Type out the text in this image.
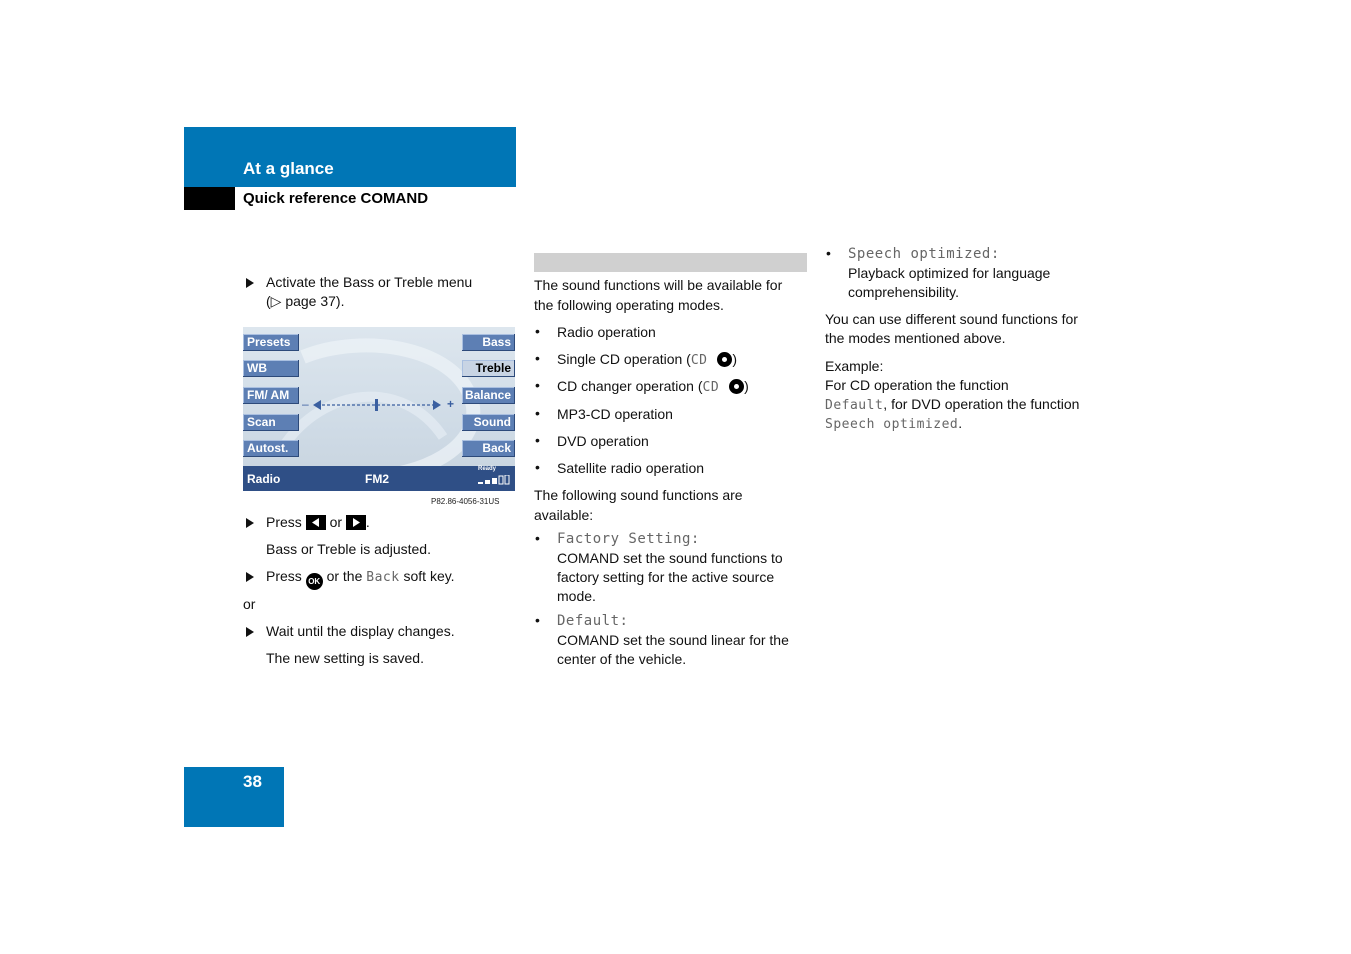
At a glance
Quick reference COMAND
Activate the Bass or Treble menu
(▷ page 37).
Presets
WB
FM/ AM
Scan
Autost.
Bass
Treble
Balance
Sound
Back
–	+
Radio	FM2
Ready
P82.86-4056-31US
Press or .
Bass or Treble is adjusted.
Press OK or the Back soft key.
or
Wait until the display changes.
The new setting is saved.
38
The sound functions will be available for
the following operating modes.
• Radio operation
• Single CD operation (CD )
• CD changer operation (CD )
• MP3-CD operation
• DVD operation
• Satellite radio operation
The following sound functions are
available:
• Factory Setting:
COMAND set the sound functions to
factory setting for the active source
mode.
• Default:
COMAND set the sound linear for the
center of the vehicle.
• Speech optimized:
Playback optimized for language
comprehensibility.
You can use different sound functions for
the modes mentioned above.
Example:
For CD operation the function
Default, for DVD operation the function
Speech optimized.
